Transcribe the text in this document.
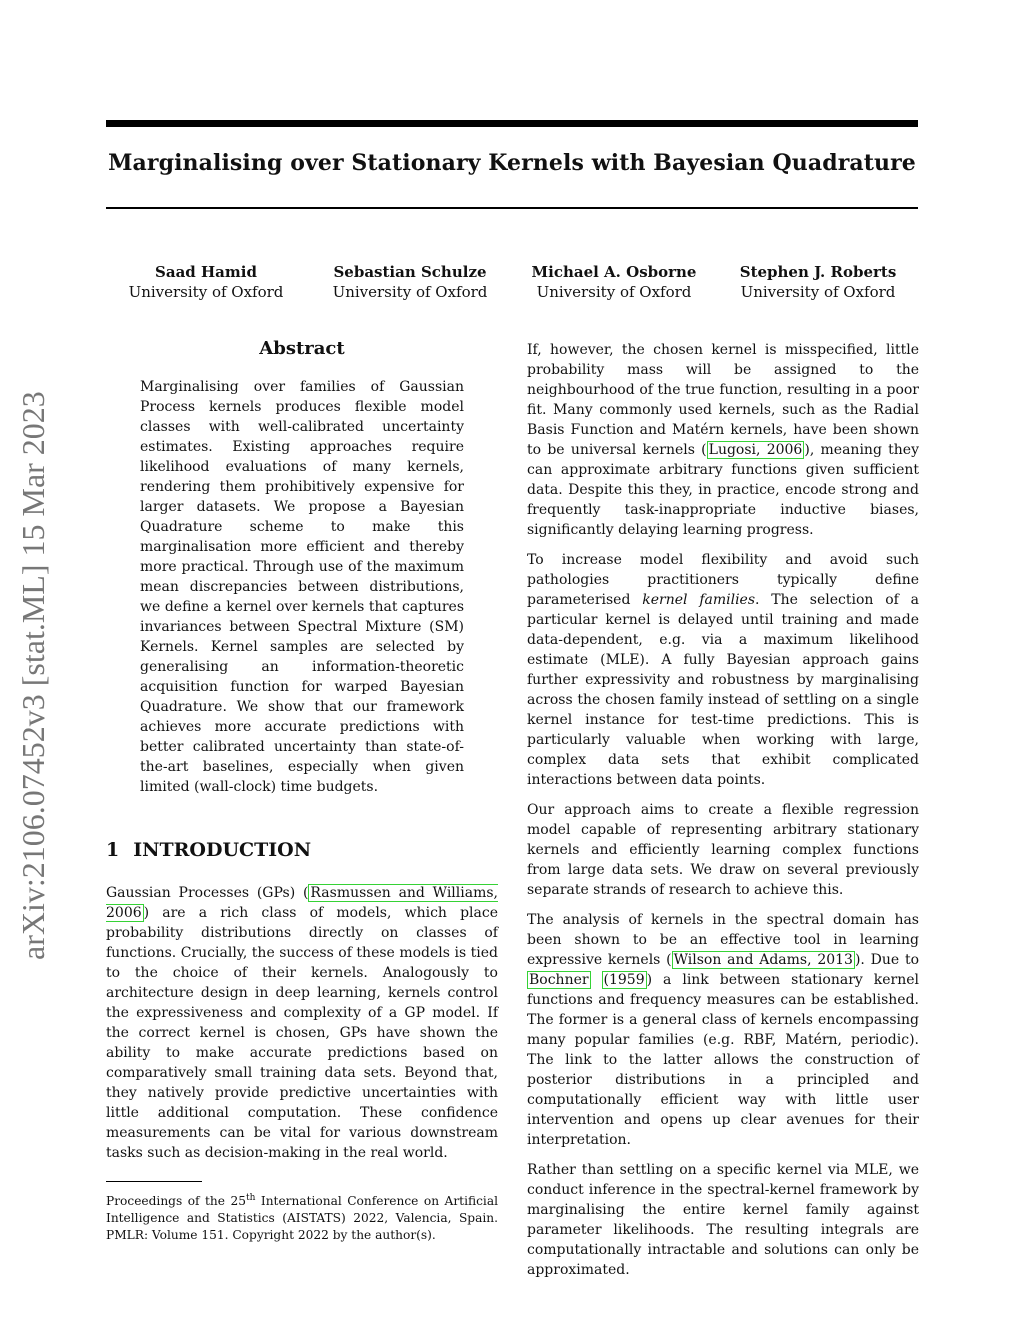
arXiv:2106.07452v3 [stat.ML] 15 Mar 2023
Marginalising over Stationary Kernels with Bayesian Quadrature
Saad Hamid
University of Oxford
Sebastian Schulze
University of Oxford
Michael A. Osborne
University of Oxford
Stephen J. Roberts
University of Oxford
Abstract
Marginalising over families of Gaussian Process kernels produces flexible model classes with well-calibrated uncertainty estimates. Existing approaches require likelihood evaluations of many kernels, rendering them prohibitively expensive for larger datasets. We propose a Bayesian Quadrature scheme to make this marginalisation more efficient and thereby more practical. Through use of the maximum mean discrepancies between distributions, we define a kernel over kernels that captures invariances between Spectral Mixture (SM) Kernels. Kernel samples are selected by generalising an information-theoretic acquisition function for warped Bayesian Quadrature. We show that our framework achieves more accurate predictions with better calibrated uncertainty than state-of-the-art baselines, especially when given limited (wall-clock) time budgets.
1 INTRODUCTION

Gaussian Processes (GPs) ( Rasmussen and Williams, 2006 ) are a rich class of models, which place probability distributions directly on classes of functions. Crucially, the success of these models is tied to the choice of their kernels. Analogously to architecture design in deep learning, kernels control the expressiveness and complexity of a GP model. If the correct kernel is chosen, GPs have shown the ability to make accurate predictions based on comparatively small training data sets. Beyond that, they natively provide predictive uncertainties with little additional computation. These confidence measurements can be vital for various downstream tasks such as decision-making in the real world.

Proceedings of the 25th International Conference on Artificial Intelligence and Statistics (AISTATS) 2022, Valencia, Spain. PMLR: Volume 151. Copyright 2022 by the author(s).

If, however, the chosen kernel is misspecified, little probability mass will be assigned to the neighbourhood of the true function, resulting in a poor fit. Many commonly used kernels, such as the Radial Basis Function and Matérn kernels, have been shown to be universal kernels ( Lugosi, 2006 ), meaning they can approximate arbitrary functions given sufficient data. Despite this they, in practice, encode strong and frequently task-inappropriate inductive biases, significantly delaying learning progress.

To increase model flexibility and avoid such pathologies practitioners typically define parameterised kernel families. The selection of a particular kernel is delayed until training and made data-dependent, e.g. via a maximum likelihood estimate (MLE). A fully Bayesian approach gains further expressivity and robustness by marginalising across the chosen family instead of settling on a single kernel instance for test-time predictions. This is particularly valuable when working with large, complex data sets that exhibit complicated interactions between data points.

Our approach aims to create a flexible regression model capable of representing arbitrary stationary kernels and efficiently learning complex functions from large data sets. We draw on several previously separate strands of research to achieve this.

The analysis of kernels in the spectral domain has been shown to be an effective tool in learning expressive kernels ( Wilson and Adams, 2013 ). Due to Bochner (1959 ) a link between stationary kernel functions and frequency measures can be established. The former is a general class of kernels encompassing many popular families (e.g. RBF, Matérn, periodic). The link to the latter allows the construction of posterior distributions in a principled and computationally efficient way with little user intervention and opens up clear avenues for their interpretation.

Rather than settling on a specific kernel via MLE, we conduct inference in the spectral-kernel framework by marginalising the entire kernel family against parameter likelihoods. The resulting integrals are computationally intractable and solutions can only be approximated.
